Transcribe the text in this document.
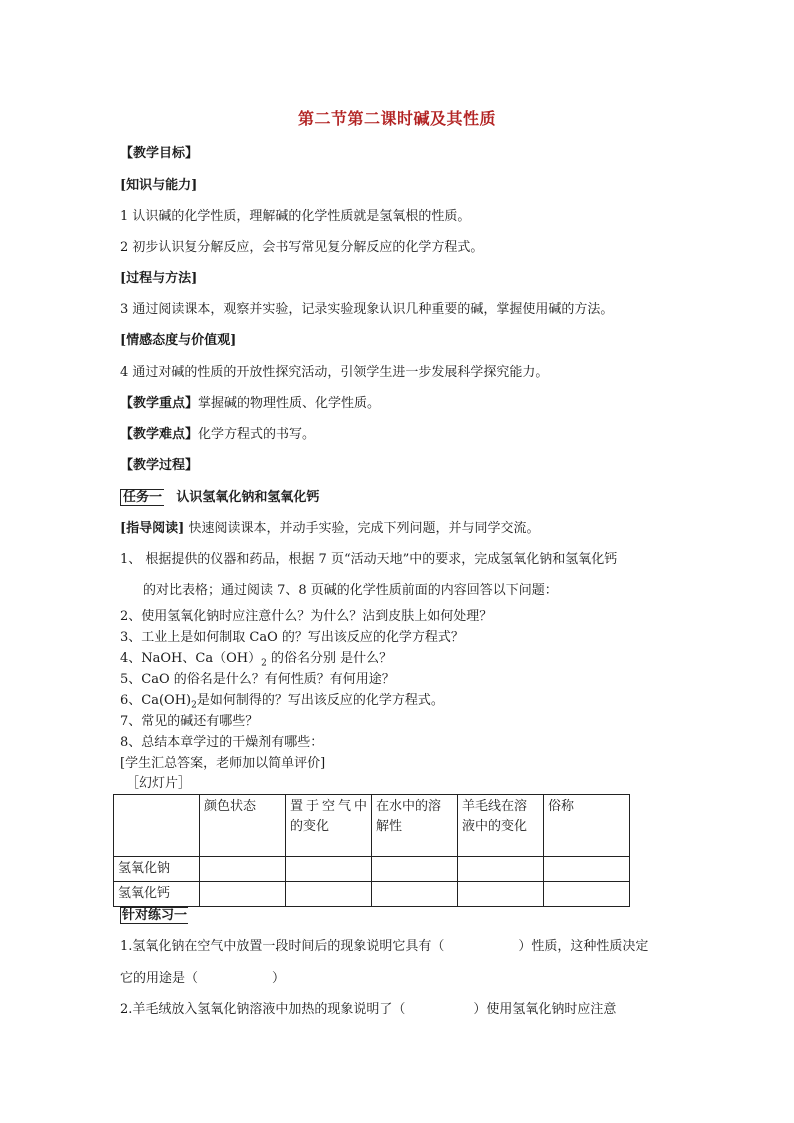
第二节第二课时碱及其性质
【教学目标】
[知识与能力]
1 认识碱的化学性质，理解碱的化学性质就是氢氧根的性质。
2 初步认识复分解反应，会书写常见复分解反应的化学方程式。
[过程与方法]
3 通过阅读课本，观察并实验，记录实验现象认识几种重要的碱，掌握使用碱的方法。
[情感态度与价值观]
4 通过对碱的性质的开放性探究活动，引领学生进一步发展科学探究能力。
【教学重点】掌握碱的物理性质、化学性质。
【教学难点】化学方程式的书写。
【教学过程】
任务一 认识氢氧化钠和氢氧化钙
[指导阅读] 快速阅读课本，并动手实验，完成下列问题，并与同学交流。
1、 根据提供的仪器和药品，根据 7 页“活动天地”中的要求，完成氢氧化钠和氢氧化钙
的对比表格；通过阅读 7、8 页碱的化学性质前面的内容回答以下问题：
2、使用氢氧化钠时应注意什么？为什么？沾到皮肤上如何处理？
3、工业上是如何制取 CaO 的？写出该反应的化学方程式？
4、NaOH、$Ca(OH)_2$ 的俗名分别 是什么？
5、CaO 的俗名是什么？有何性质？有何用途？
6、$Ca(OH)_2$是如何制得的？写出该反应的化学方程式。
7、常见的碱还有哪些？
8、总结本章学过的干燥剂有哪些：
[学生汇总答案，老师加以简单评价]
［幻灯片］
	颜色状态	置于空气中的变化	在水中的溶解性	羊毛线在溶液中的变化	俗称
氢氧化钠					
氢氧化钙					
针对练习一
1.氢氧化钠在空气中放置一段时间后的现象说明它具有（	）性质，这种性质决定
它的用途是（	）
2.羊毛绒放入氢氧化钠溶液中加热的现象说明了（	）使用氢氧化钠时应注意
